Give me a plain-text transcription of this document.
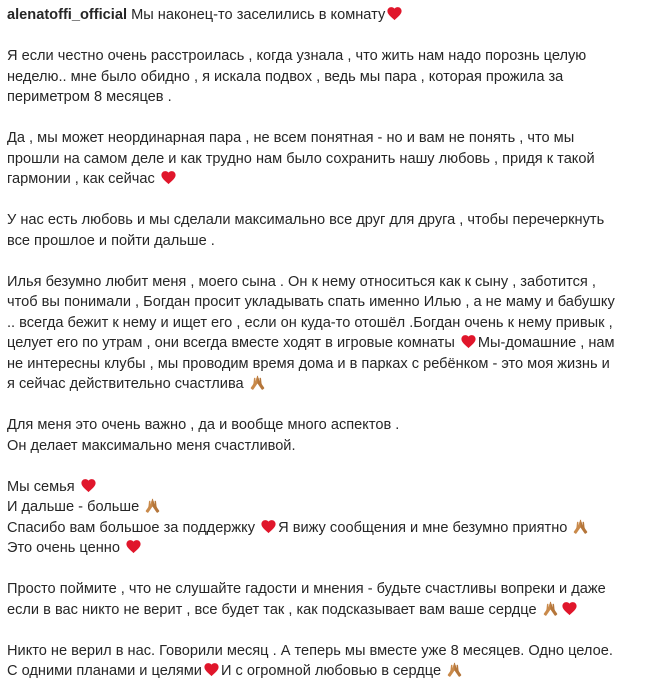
alenatoffi_official Мы наконец-то заселились в комнату
Я если честно очень расстроилась , когда узнала , что жить нам надо порознь целую
неделю.. мне было обидно , я искала подвох , ведь мы пара , которая прожила за
периметром 8 месяцев .
Да , мы может неординарная пара , не всем понятная - но и вам не понять , что мы
прошли на самом деле и как трудно нам было сохранить нашу любовь , придя к такой
гармонии , как сейчас
У нас есть любовь и мы сделали максимально все друг для друга , чтобы перечеркнуть
все прошлое и пойти дальше .
Илья безумно любит меня , моего сына . Он к нему относиться как к сыну , заботится ,
чтоб вы понимали , Богдан просит укладывать спать именно Илью , а не маму и бабушку
.. всегда бежит к нему и ищет его , если он куда-то отошёл .Богдан очень к нему привык ,
целует его по утрам , они всегда вместе ходят в игровые комнаты
Мы-домашние , нам
не интересны клубы , мы проводим время дома и в парках с ребёнком - это моя жизнь и
я сейчас действительно счастлива
Для меня это очень важно , да и вообще много аспектов .
Он делает максимально меня счастливой.
Мы семья
И дальше - больше
Спасибо вам большое за поддержку
Я вижу сообщения и мне безумно приятно
Это очень ценно
Просто поймите , что не слушайте гадости и мнения - будьте счастливы вопреки и даже
если в вас никто не верит , все будет так , как подсказывает вам ваше сердце
Никто не верил в нас. Говорили месяц . А теперь мы вместе уже 8 месяцев. Одно целое.
С одними планами и целями И с огромной любовью в сердце
